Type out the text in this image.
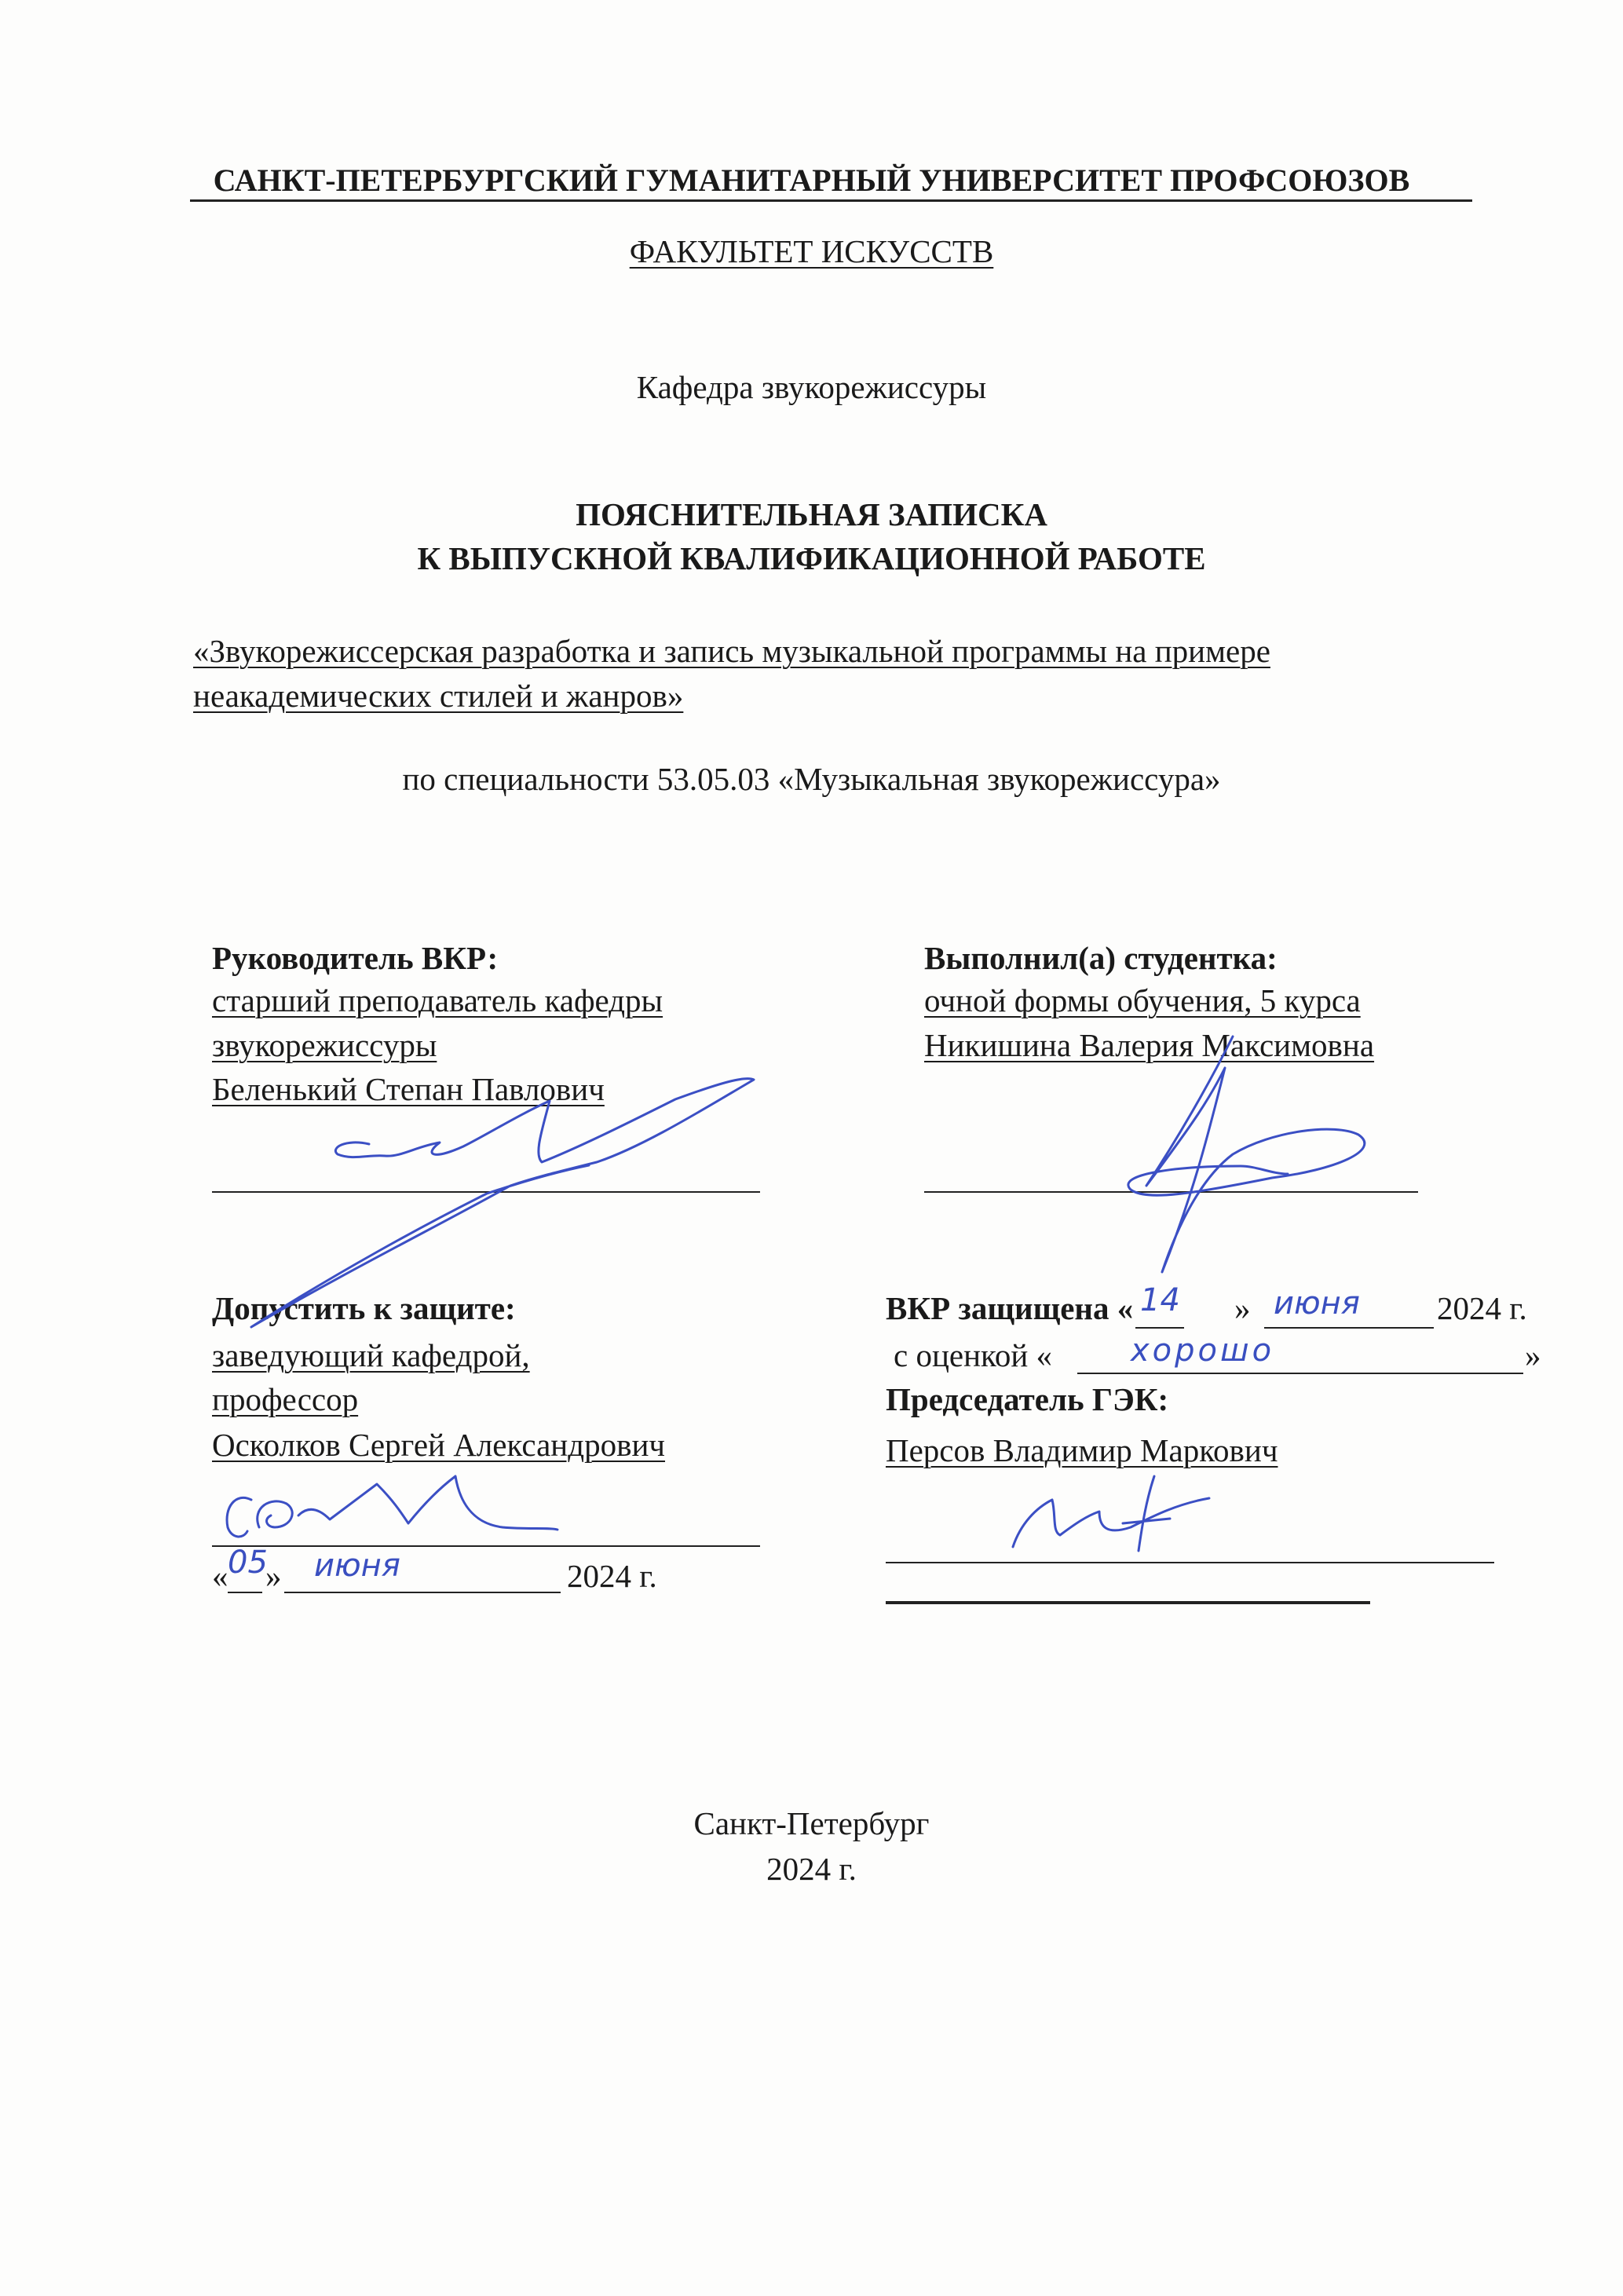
САНКТ-ПЕТЕРБУРГСКИЙ ГУМАНИТАРНЫЙ УНИВЕРСИТЕТ ПРОФСОЮЗОВ
ФАКУЛЬТЕТ ИСКУССТВ
Кафедра звукорежиссуры
ПОЯСНИТЕЛЬНАЯ ЗАПИСКА
К ВЫПУСКНОЙ КВАЛИФИКАЦИОННОЙ РАБОТЕ
«Звукорежиссерская разработка и запись музыкальной программы на примере
неакадемических стилей и жанров»
по специальности 53.05.03 «Музыкальная звукорежиссура»
Руководитель ВКР:
старший преподаватель кафедры
звукорежиссуры
Беленький Степан Павлович
Выполнил(а) студентка:
очной формы обучения, 5 курса
Никишина Валерия Максимовна
Допустить к защите:
заведующий кафедрой,
профессор
Осколков Сергей Александрович
« 05
» июня	2024 г.
ВКР защищена « 14 » июня 2024 г.
с оценкой « хорошо	»
Председатель ГЭК:
Персов Владимир Маркович
Санкт-Петербург
2024 г.
